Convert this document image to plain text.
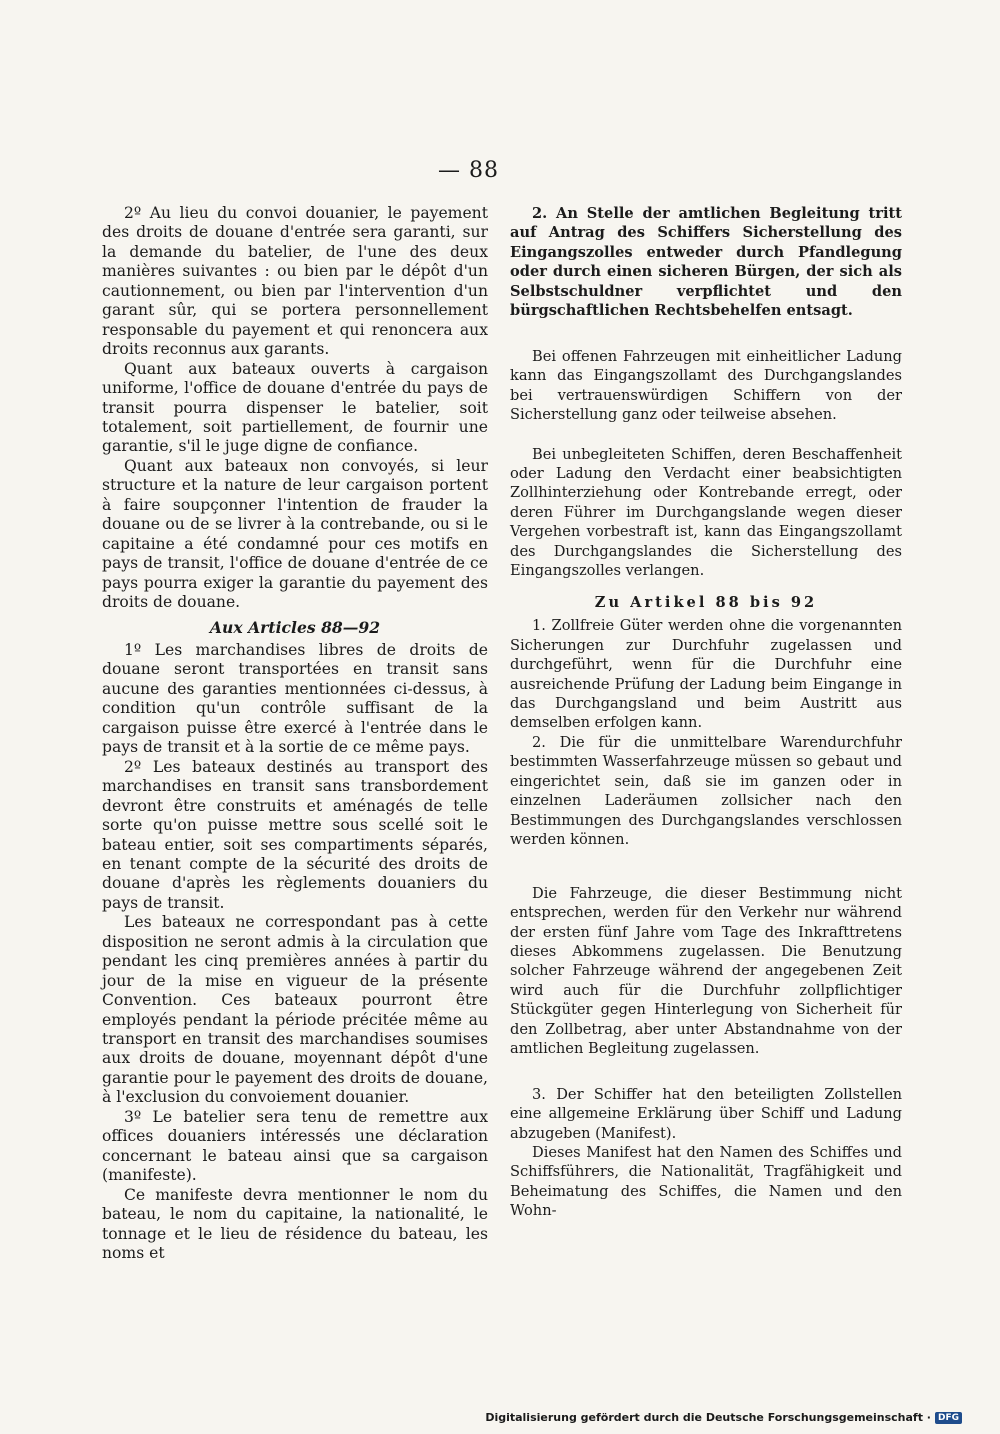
— 88

2º Au lieu du convoi douanier, le payement des droits de douane d'entrée sera garanti, sur la demande du batelier, de l'une des deux manières suivantes : ou bien par le dépôt d'un cautionnement, ou bien par l'intervention d'un garant sûr, qui se portera personnellement responsable du payement et qui renoncera aux droits reconnus aux garants.

Quant aux bateaux ouverts à cargaison uniforme, l'office de douane d'entrée du pays de transit pourra dispenser le batelier, soit totalement, soit partiellement, de fournir une garantie, s'il le juge digne de confiance.

Quant aux bateaux non convoyés, si leur structure et la nature de leur cargaison portent à faire soupçonner l'intention de frauder la douane ou de se livrer à la contrebande, ou si le capitaine a été condamné pour ces motifs en pays de transit, l'office de douane d'entrée de ce pays pourra exiger la garantie du payement des droits de douane.

Aux Articles 88—92

1º Les marchandises libres de droits de douane seront transportées en transit sans aucune des garanties mentionnées ci-dessus, à condition qu'un contrôle suffisant de la cargaison puisse être exercé à l'entrée dans le pays de transit et à la sortie de ce même pays.

2º Les bateaux destinés au transport des marchandises en transit sans transbordement devront être construits et aménagés de telle sorte qu'on puisse mettre sous scellé soit le bateau entier, soit ses compartiments séparés, en tenant compte de la sécurité des droits de douane d'après les règlements douaniers du pays de transit.

Les bateaux ne correspondant pas à cette disposition ne seront admis à la circulation que pendant les cinq premières années à partir du jour de la mise en vigueur de la présente Convention. Ces bateaux pourront être employés pendant la période précitée même au transport en transit des marchandises soumises aux droits de douane, moyennant dépôt d'une garantie pour le payement des droits de douane, à l'exclusion du convoiement douanier.

3º Le batelier sera tenu de remettre aux offices douaniers intéressés une déclaration concernant le bateau ainsi que sa cargaison (manifeste).

Ce manifeste devra mentionner le nom du bateau, le nom du capitaine, la nationalité, le tonnage et le lieu de résidence du bateau, les noms et

2. An Stelle der amtlichen Begleitung tritt auf Antrag des Schiffers Sicherstellung des Eingangszolles entweder durch Pfandlegung oder durch einen sicheren Bürgen, der sich als Selbstschuldner verpflichtet und den bürgschaftlichen Rechtsbehelfen entsagt.

Bei offenen Fahrzeugen mit einheitlicher Ladung kann das Eingangszollamt des Durchgangslandes bei vertrauenswürdigen Schiffern von der Sicherstellung ganz oder teilweise absehen.

Bei unbegleiteten Schiffen, deren Beschaffenheit oder Ladung den Verdacht einer beabsichtigten Zollhinterziehung oder Kontrebande erregt, oder deren Führer im Durchgangslande wegen dieser Vergehen vorbestraft ist, kann das Eingangszollamt des Durchgangslandes die Sicherstellung des Eingangszolles verlangen.

Zu Artikel 88 bis 92

1. Zollfreie Güter werden ohne die vorgenannten Sicherungen zur Durchfuhr zugelassen und durchgeführt, wenn für die Durchfuhr eine ausreichende Prüfung der Ladung beim Eingange in das Durchgangsland und beim Austritt aus demselben erfolgen kann.

2. Die für die unmittelbare Warendurchfuhr bestimmten Wasserfahrzeuge müssen so gebaut und eingerichtet sein, daß sie im ganzen oder in einzelnen Laderäumen zollsicher nach den Bestimmungen des Durchgangslandes verschlossen werden können.

Die Fahrzeuge, die dieser Bestimmung nicht entsprechen, werden für den Verkehr nur während der ersten fünf Jahre vom Tage des Inkrafttretens dieses Abkommens zugelassen. Die Benutzung solcher Fahrzeuge während der angegebenen Zeit wird auch für die Durchfuhr zollpflichtiger Stückgüter gegen Hinterlegung von Sicherheit für den Zollbetrag, aber unter Abstandnahme von der amtlichen Begleitung zugelassen.

3. Der Schiffer hat den beteiligten Zollstellen eine allgemeine Erklärung über Schiff und Ladung abzugeben (Manifest).

Dieses Manifest hat den Namen des Schiffes und Schiffsführers, die Nationalität, Tragfähigkeit und Beheimatung des Schiffes, die Namen und den Wohn-

Digitalisierung gefördert durch die Deutsche Forschungsgemeinschaft · DFG
